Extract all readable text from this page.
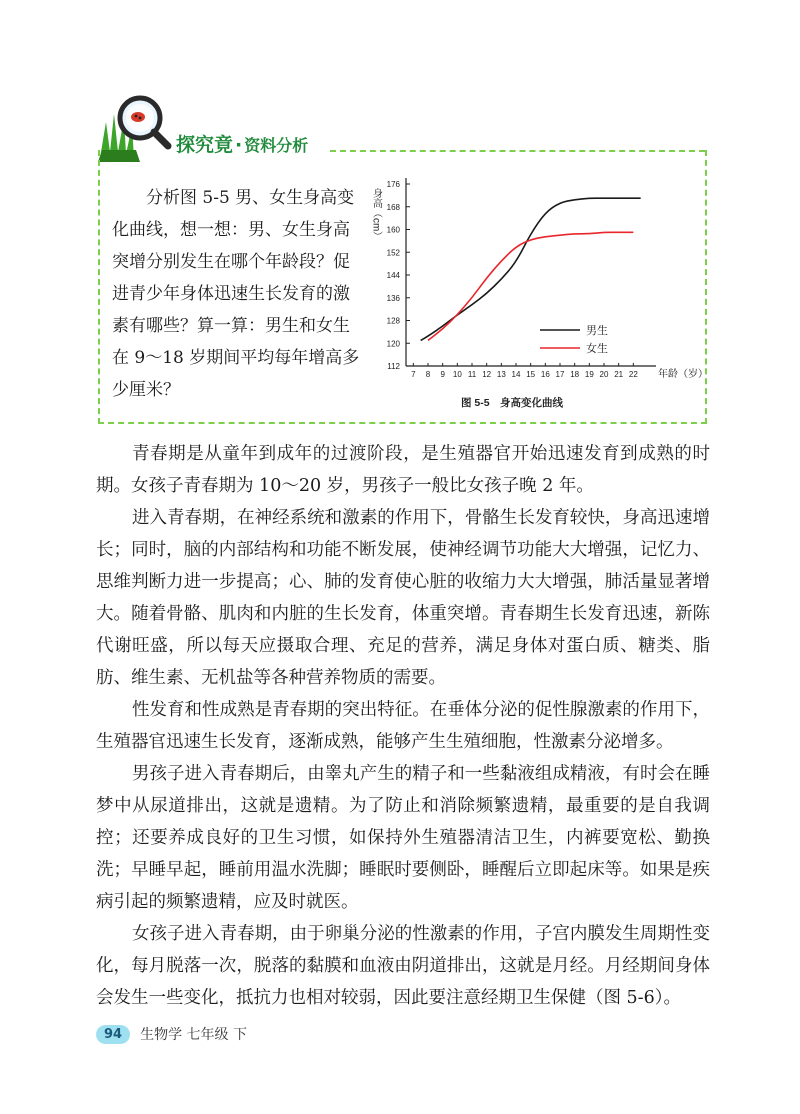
探究竟 · 资料分析
分析图 5-5 男、女生身高变化曲线，想一想：男、女生身高突增分别发生在哪个年龄段？促进青少年身体迅速生长发育的激素有哪些？算一算：男生和女生在 9～18 岁期间平均每年增高多少厘米？
112
120
128
136
144
152
160
168
176
7 8 9 10 11 12 13 14 15 16 17 18 19 20 21 22 年龄（岁）
身高（cm）
男生
女生
图 5-5　身高变化曲线

青春期是从童年到成年的过渡阶段，是生殖器官开始迅速发育到成熟的时期。女孩子青春期为 10～20 岁，男孩子一般比女孩子晚 2 年。

进入青春期，在神经系统和激素的作用下，骨骼生长发育较快，身高迅速增长；同时，脑的内部结构和功能不断发展，使神经调节功能大大增强，记忆力、思维判断力进一步提高；心、肺的发育使心脏的收缩力大大增强，肺活量显著增大。随着骨骼、肌肉和内脏的生长发育，体重突增。青春期生长发育迅速，新陈代谢旺盛，所以每天应摄取合理、充足的营养，满足身体对蛋白质、糖类、脂肪、维生素、无机盐等各种营养物质的需要。

性发育和性成熟是青春期的突出特征。在垂体分泌的促性腺激素的作用下，生殖器官迅速生长发育，逐渐成熟，能够产生生殖细胞，性激素分泌增多。

男孩子进入青春期后，由睾丸产生的精子和一些黏液组成精液，有时会在睡梦中从尿道排出，这就是遗精。为了防止和消除频繁遗精，最重要的是自我调控；还要养成良好的卫生习惯，如保持外生殖器清洁卫生，内裤要宽松、勤换洗；早睡早起，睡前用温水洗脚；睡眠时要侧卧，睡醒后立即起床等。如果是疾病引起的频繁遗精，应及时就医。

女孩子进入青春期，由于卵巢分泌的性激素的作用，子宫内膜发生周期性变化，每月脱落一次，脱落的黏膜和血液由阴道排出，这就是月经。月经期间身体会发生一些变化，抵抗力也相对较弱，因此要注意经期卫生保健（图 5-6）。

94	生物学 七年级 下
